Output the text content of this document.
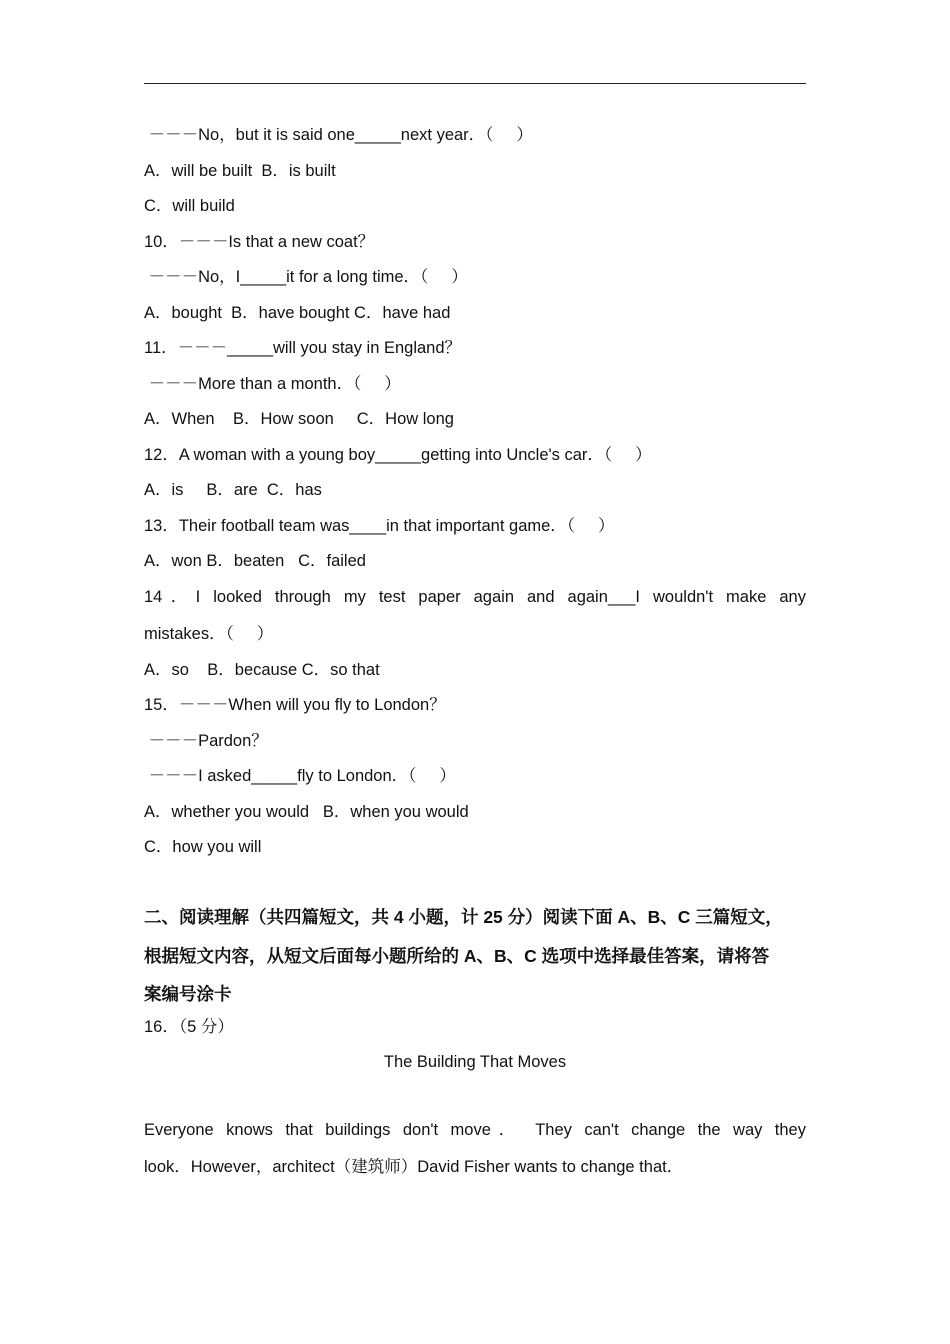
－－－No，but it is said one_____next year．（     ）
A．will be built  B．is built
C．will build
10．－－－Is that a new coat？
－－－No，I_____it for a long time．（     ）
A．bought  B．have bought C．have had
11．－－－_____will you stay in England？
－－－More than a month．（     ）
A．When    B．How soon     C．How long
12．A woman with a young boy_____getting into Uncle's car．（     ）
A．is     B．are  C．has
13．Their football team was____in that important game．（     ）
A．won B．beaten   C．failed
14．I looked through my test paper again and again___I wouldn't make any
mistakes．（     ）
A．so    B．because C．so that
15．－－－When will you fly to London？
－－－Pardon？
－－－I asked_____fly to London．（     ）
A．whether you would   B．when you would
C．how you will
二、阅读理解（共四篇短文，共 4 小题，计 25 分）阅读下面 A、B、C 三篇短文，
根据短文内容，从短文后面每小题所给的 A、B、C 选项中选择最佳答案，请将答
案编号涂卡
16．（5 分）
The Building That Moves
Everyone knows that buildings don't move． They can't change the way they
look．However，architect（建筑师）David Fisher wants to change that．
